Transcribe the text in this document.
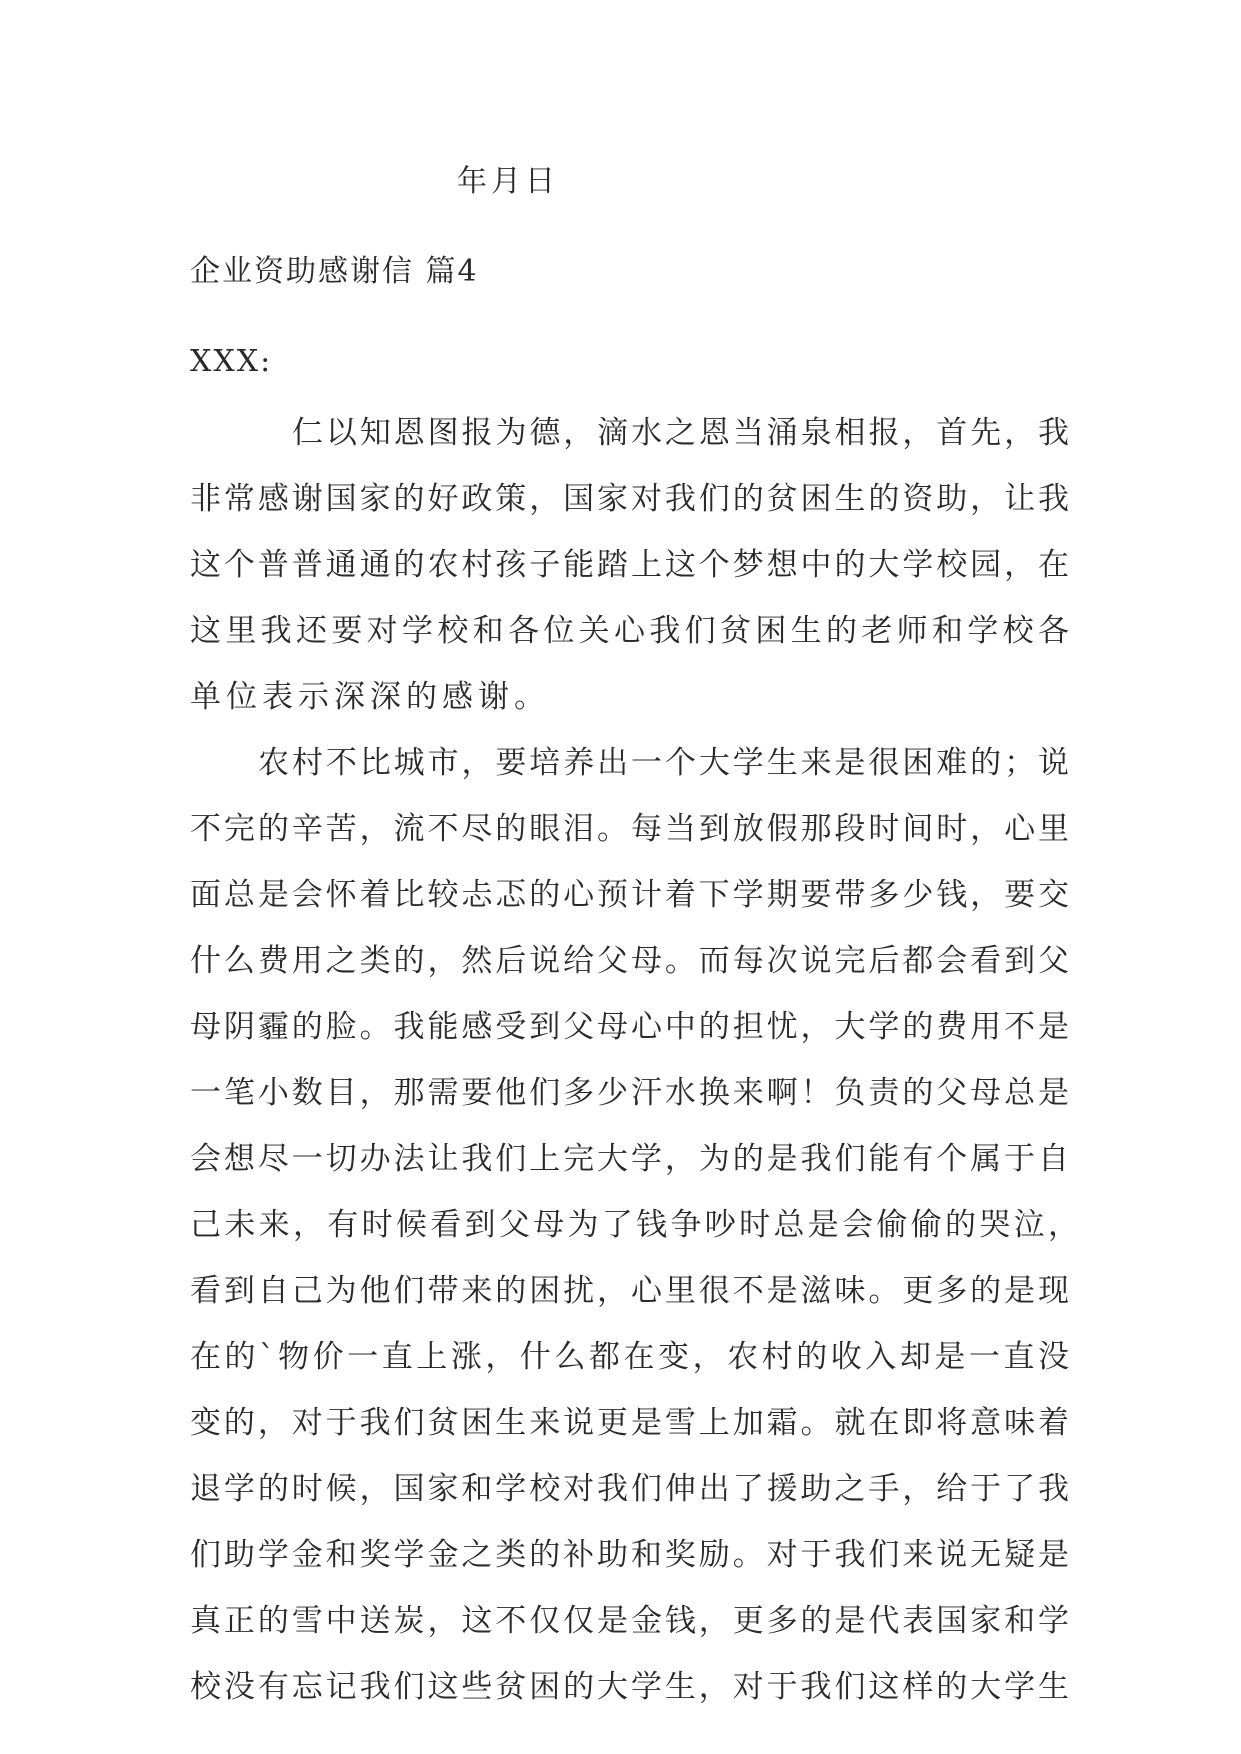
年月日
企业资助感谢信 篇4
XXX:
仁以知恩图报为德，滴水之恩当涌泉相报，首先，我
非常感谢国家的好政策，国家对我们的贫困生的资助，让我
这个普普通通的农村孩子能踏上这个梦想中的大学校园，在
这里我还要对学校和各位关心我们贫困生的老师和学校各
单位表示深深的感谢。
农村不比城市，要培养出一个大学生来是很困难的；说
不完的辛苦，流不尽的眼泪。每当到放假那段时间时，心里
面总是会怀着比较忐忑的心预计着下学期要带多少钱，要交
什么费用之类的，然后说给父母。而每次说完后都会看到父
母阴霾的脸。我能感受到父母心中的担忧，大学的费用不是
一笔小数目，那需要他们多少汗水换来啊！负责的父母总是
会想尽一切办法让我们上完大学，为的是我们能有个属于自
己未来，有时候看到父母为了钱争吵时总是会偷偷的哭泣，
看到自己为他们带来的困扰，心里很不是滋味。更多的是现
在的`物价一直上涨，什么都在变，农村的收入却是一直没
变的，对于我们贫困生来说更是雪上加霜。就在即将意味着
退学的时候，国家和学校对我们伸出了援助之手，给于了我
们助学金和奖学金之类的补助和奖励。对于我们来说无疑是
真正的雪中送炭，这不仅仅是金钱，更多的是代表国家和学
校没有忘记我们这些贫困的大学生，对于我们这样的大学生
